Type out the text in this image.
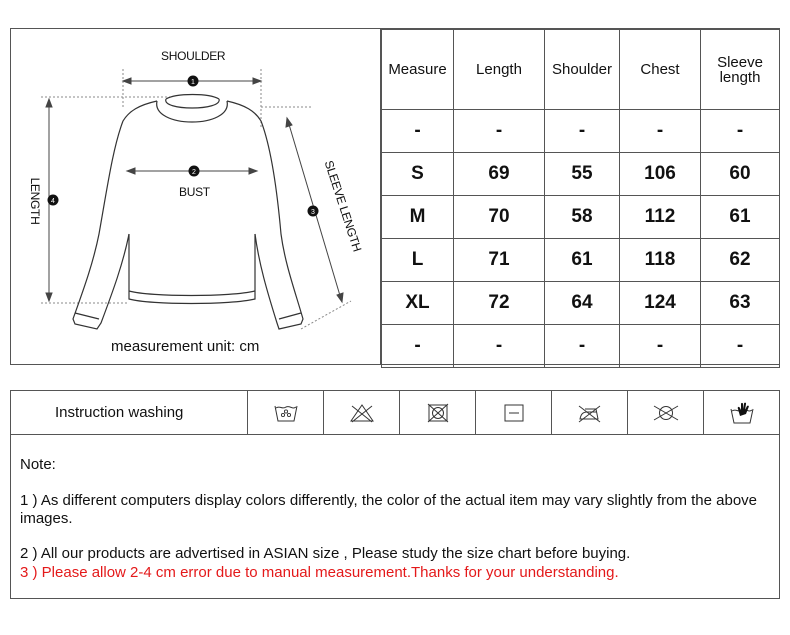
1
2
3
4
SHOULDER
BUST
LENGTH	SLEEVE LENGTH
measurement unit: cm
Measure	Length	Shoulder	Chest	Sleeve length
-	-	-	-	-
S	69	55	106	60
M	70	58	112	61
L	71	61	118	62
XL	72	64	124	63
-	-	-	-	-
Instruction washing

Note:

1 ) As different computers display colors differently, the color of the actual item may vary slightly from the above images.

2 ) All our products are advertised in ASIAN size , Please study the size chart before buying.

3 ) Please allow 2-4 cm error due to manual measurement.Thanks for your understanding.
